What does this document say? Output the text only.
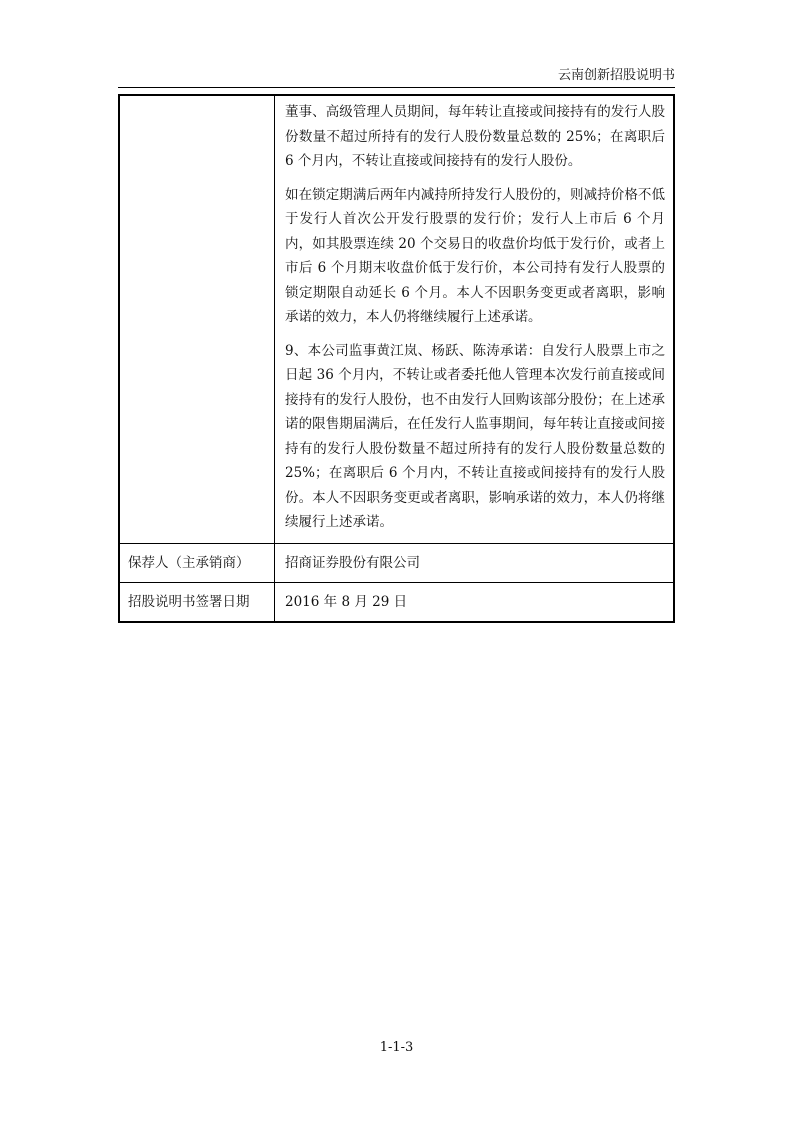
云南创新招股说明书

	董事、高级管理人员期间，每年转让直接或间接持有的发行人股份数量不超过所持有的发行人股份数量总数的 25%；在离职后 6 个月内，不转让直接或间接持有的发行人股份。

如在锁定期满后两年内减持所持发行人股份的，则减持价格不低于发行人首次公开发行股票的发行价；发行人上市后 6 个月内，如其股票连续 20 个交易日的收盘价均低于发行价，或者上市后 6 个月期末收盘价低于发行价，本公司持有发行人股票的锁定期限自动延长 6 个月。本人不因职务变更或者离职，影响承诺的效力，本人仍将继续履行上述承诺。

9、本公司监事黄江岚、杨跃、陈涛承诺：自发行人股票上市之日起 36 个月内，不转让或者委托他人管理本次发行前直接或间接持有的发行人股份，也不由发行人回购该部分股份；在上述承诺的限售期届满后，在任发行人监事期间，每年转让直接或间接持有的发行人股份数量不超过所持有的发行人股份数量总数的 25%；在离职后 6 个月内，不转让直接或间接持有的发行人股份。本人不因职务变更或者离职，影响承诺的效力，本人仍将继续履行上述承诺。

保荐人（主承销商）	招商证券股份有限公司
招股说明书签署日期	2016 年 8 月 29 日
1-1-3
